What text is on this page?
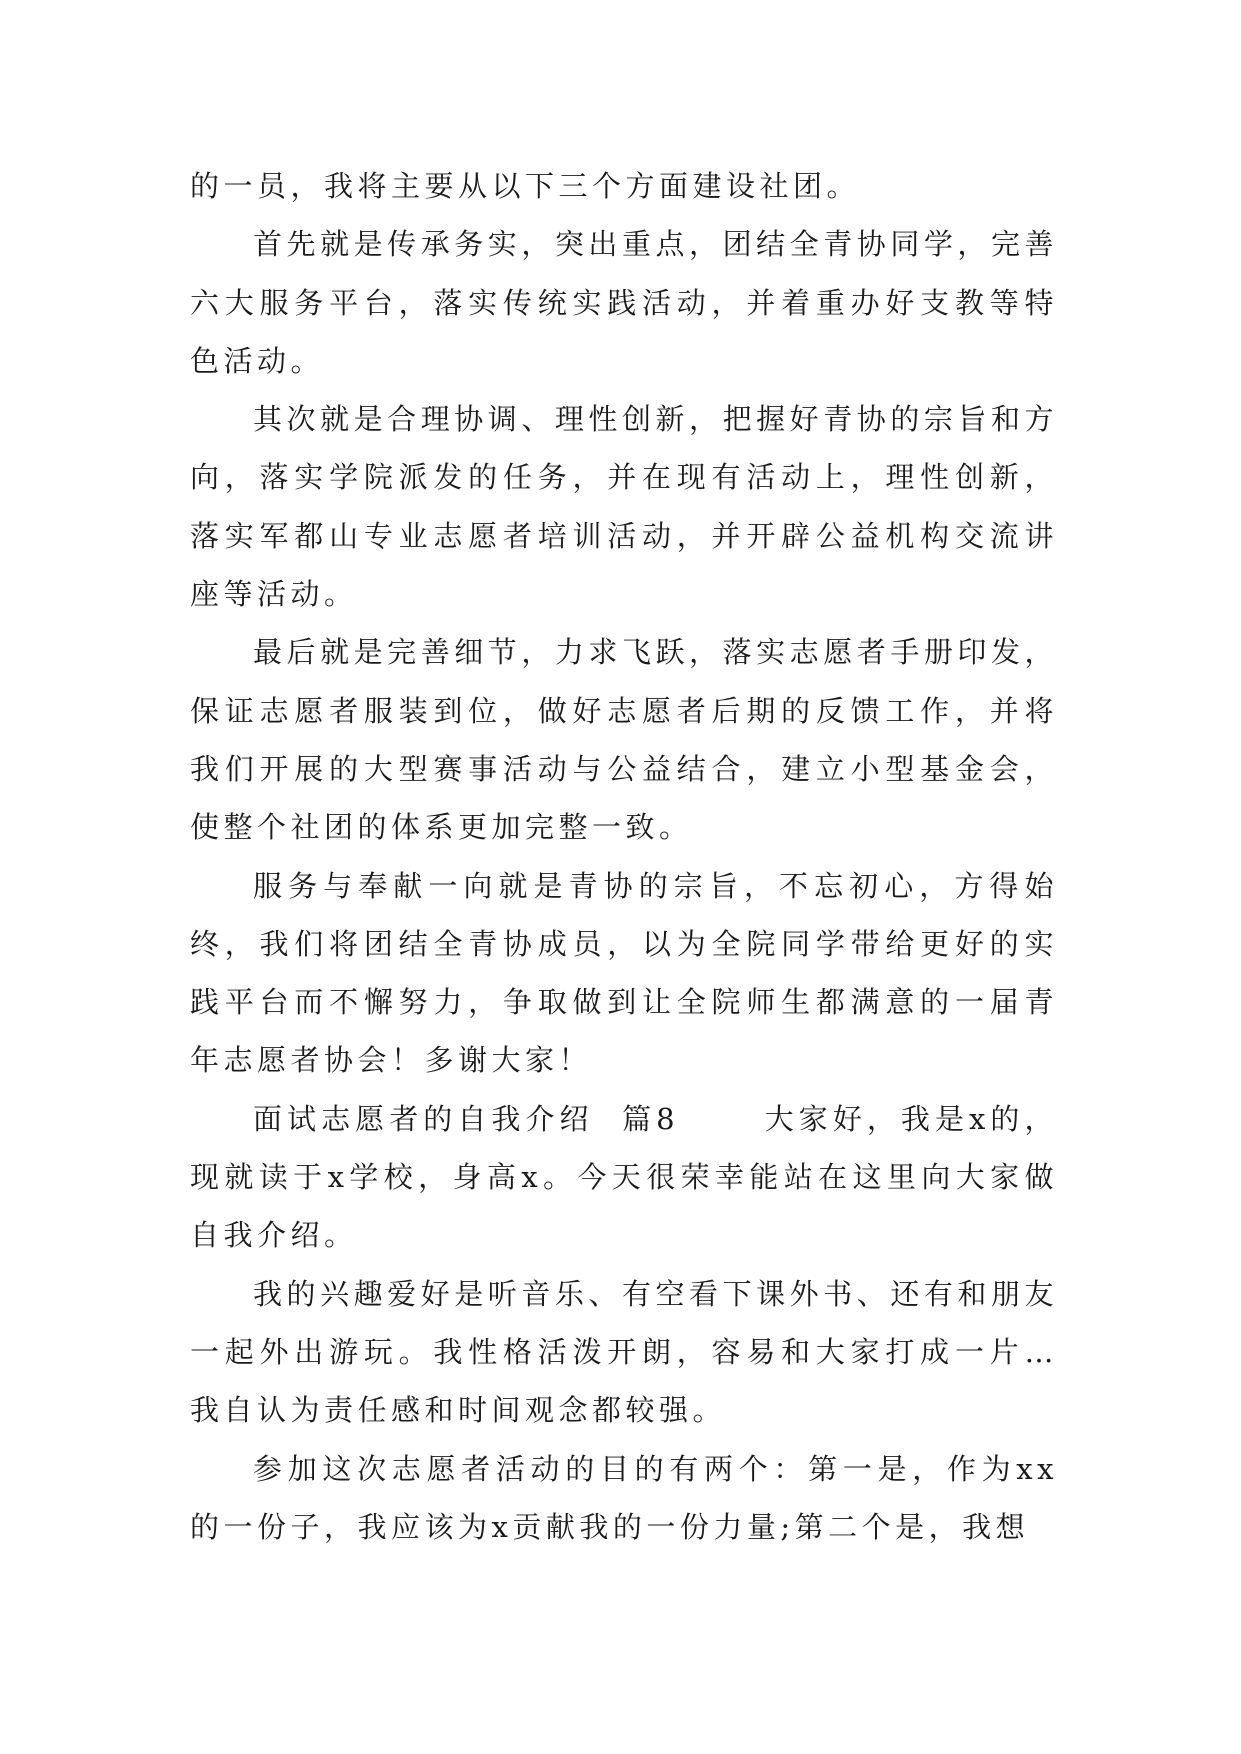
的一员，我将主要从以下三个方面建设社团。

首先就是传承务实，突出重点，团结全青协同学，完善六大服务平台，落实传统实践活动，并着重办好支教等特色活动。

其次就是合理协调、理性创新，把握好青协的宗旨和方向，落实学院派发的任务，并在现有活动上，理性创新，落实军都山专业志愿者培训活动，并开辟公益机构交流讲座等活动。

最后就是完善细节，力求飞跃，落实志愿者手册印发，保证志愿者服装到位，做好志愿者后期的反馈工作，并将我们开展的大型赛事活动与公益结合，建立小型基金会，使整个社团的体系更加完整一致。

服务与奉献一向就是青协的宗旨，不忘初心，方得始终，我们将团结全青协成员，以为全院同学带给更好的实践平台而不懈努力，争取做到让全院师生都满意的一届青年志愿者协会！多谢大家！

面试志愿者的自我介绍  篇8      大家好，我是x的，现就读于x学校，身高x。今天很荣幸能站在这里向大家做自我介绍。

我的兴趣爱好是听音乐、有空看下课外书、还有和朋友一起外出游玩。我性格活泼开朗，容易和大家打成一片…我自认为责任感和时间观念都较强。

参加这次志愿者活动的目的有两个：第一是，作为xx的一份子，我应该为x贡献我的一份力量;第二个是，我想
